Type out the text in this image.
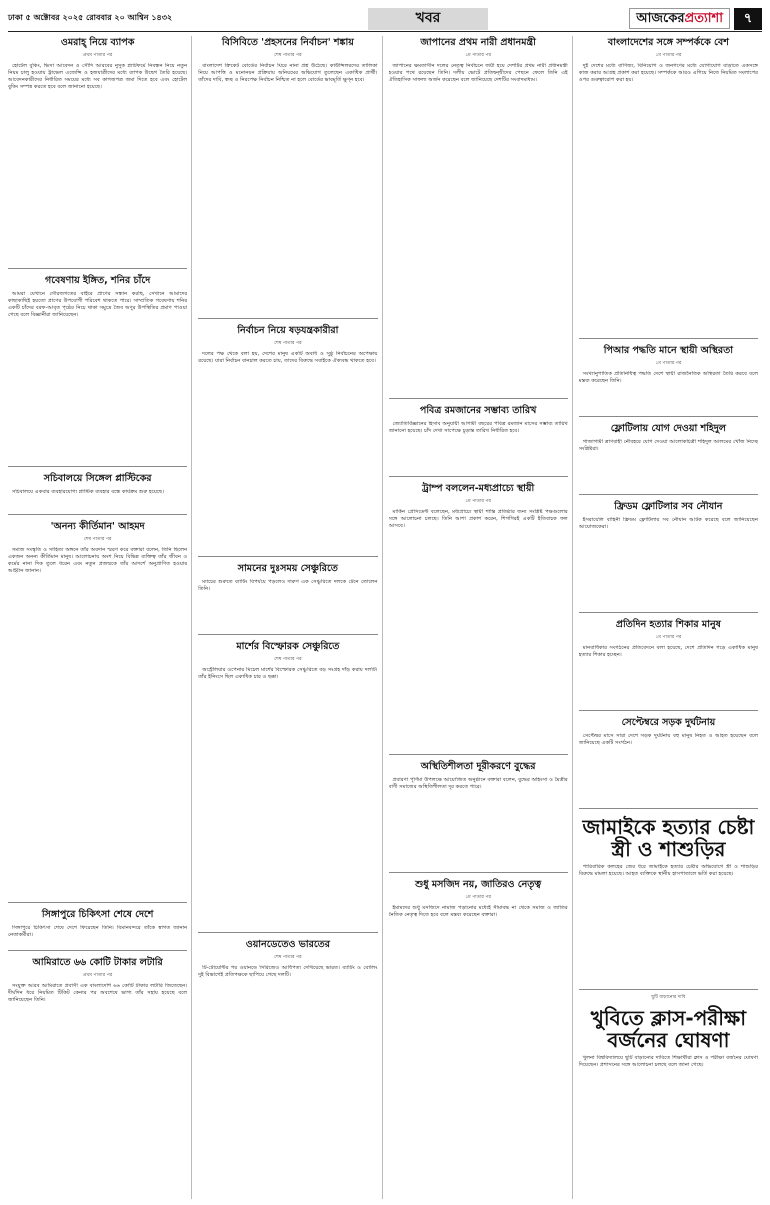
ঢাকা ৫ অক্টোবর ২০২৫ রোববার ২০ আশ্বিন ১৪৩২	খবর	আজকেরপ্রত্যাশা	৭
ওমরাহ্ নিয়ে ব্যাপক
প্রথম পাতার পর

হোটেল বুকিং, ভিসা আবেদন ও সৌদি আরবের নুসুক প্ল্যাটফর্মে নিবন্ধন নিয়ে নতুন নিয়ম চালু হওয়ায় ট্রাভেল এজেন্সি ও হজযাত্রীদের মধ্যে ব্যাপক উদ্বেগ তৈরি হয়েছে। আবেদনকারীদের নির্ধারিত সময়ের মধ্যে সব কাগজপত্র জমা দিতে হবে এবং হোটেল বুকিং সম্পন্ন করতে হবে বলে জানানো হয়েছে।

গবেষণায় ইঙ্গিত, শনির চাঁদে

আমরা যেখানে সৌরজগতের বাইরে প্রাণের সন্ধান করছি, সেখানে আমাদের কাছাকাছিই হয়তো প্রাণের উপযোগী পরিবেশ থাকতে পারে। সাম্প্রতিক গবেষণায় শনির একটি চাঁদের বরফ-আবৃত পৃষ্ঠের নিচে থাকা সমুদ্রে জৈব অণুর উপস্থিতির প্রমাণ পাওয়া গেছে বলে বিজ্ঞানীরা জানিয়েছেন।

সচিবালয়ে সিঙ্গেল প্লাস্টিকের

সচিবালয়ে একবার ব্যবহারযোগ্য প্লাস্টিক ব্যবহার বন্ধে কার্যক্রম শুরু হয়েছে।

'অনন্য কীর্তিমান' আহমদ
শেষ পাতার পর

সমাজ সংস্কৃতি ও সাহিত্য অঙ্গনে তাঁর অবদান স্মরণ করে বক্তারা বলেন, তিনি ছিলেন একজন অনন্য কীর্তিমান মানুষ। আলোচনায় অংশ নিয়ে বিভিন্ন ব্যক্তিত্ব তাঁর জীবন ও কর্মের নানা দিক তুলে ধরেন এবং নতুন প্রজন্মকে তাঁর আদর্শে অনুপ্রাণিত হওয়ার আহ্বান জানান।

সিঙ্গাপুরে চিকিৎসা শেষে দেশে

সিঙ্গাপুরে চিকিৎসা শেষে দেশে ফিরেছেন তিনি। বিমানবন্দরে তাঁকে স্বাগত জানান নেতাকর্মীরা।

আমিরাতে ৬৬ কোটি টাকার লটারি
প্রথম পাতার পর

সংযুক্ত আরব আমিরাতে প্রবাসী এক বাংলাদেশি ৬৬ কোটি টাকার লটারি জিতেছেন। দীর্ঘদিন ধরে নিয়মিত টিকিট কেনার পর অবশেষে ভাগ্য তাঁর সহায় হয়েছে বলে জানিয়েছেন তিনি।

বিসিবিতে 'প্রহসনের নির্বাচন' শঙ্কায়
শেষ পাতার পর

বাংলাদেশ ক্রিকেট বোর্ডের নির্বাচন ঘিরে নানা প্রশ্ন উঠেছে। কাউন্সিলরদের তালিকা নিয়ে আপত্তি ও মনোনয়ন প্রক্রিয়ায় অনিয়মের অভিযোগ তুলেছেন একাধিক প্রার্থী। তাঁদের দাবি, স্বচ্ছ ও নিরপেক্ষ নির্বাচন নিশ্চিত না হলে বোর্ডের ভাবমূর্তি ক্ষুণ্ন হবে।

নির্বাচন নিয়ে ষড়যন্ত্রকারীরা
শেষ পাতার পর

দলের পক্ষ থেকে বলা হয়, দেশের মানুষ একটি অবাধ ও সুষ্ঠু নির্বাচনের অপেক্ষায় রয়েছে। যারা নির্বাচন বানচাল করতে চায়, তাদের বিরুদ্ধে সবাইকে ঐক্যবদ্ধ থাকতে হবে।

সামনের দুঃসময় সেঞ্চুরিতে

ম্যাচের শুরুতে ব্যাটিং বিপর্যয়ে পড়লেও দারুণ এক সেঞ্চুরিতে দলকে টেনে তোলেন তিনি।

মার্শের বিস্ফোরক সেঞ্চুরিতে
শেষ পাতার পর

অস্ট্রেলিয়ার ওপেনার মিচেল মার্শের বিস্ফোরক সেঞ্চুরিতে বড় সংগ্রহ দাঁড় করায় দলটি। তাঁর ইনিংসে ছিল একাধিক চার ও ছক্কা।

ওয়ানডেতেও ভারতের
শেষ পাতার পর

টি-টোয়েন্টির পর ওয়ানডে সিরিজেও আধিপত্য দেখিয়েছে ভারত। ব্যাটিং ও বোলিং দুই বিভাগেই প্রতিপক্ষকে ছাপিয়ে গেছে দলটি।

জাপানের প্রথম নারী প্রধানমন্ত্রী
১ম পাতার পর

জাপানের ক্ষমতাসীন দলের নেতৃত্ব নির্বাচনে জয়ী হয়ে দেশটির প্রথম নারী প্রধানমন্ত্রী হওয়ার পথে রয়েছেন তিনি। দলীয় ভোটে প্রতিদ্বন্দ্বীদের পেছনে ফেলে তিনি এই ঐতিহাসিক সাফল্য অর্জন করেছেন বলে জানিয়েছে দেশটির সংবাদমাধ্যম।

পবিত্র রমজানের সম্ভাব্য তারিখ

জ্যোতির্বিজ্ঞানের হিসাব অনুযায়ী আগামী বছরের পবিত্র রমজান মাসের সম্ভাব্য তারিখ জানানো হয়েছে। চাঁদ দেখা সাপেক্ষে চূড়ান্ত তারিখ নির্ধারিত হবে।

ট্রাম্প বললেন-মধ্যপ্রাচ্যে স্থায়ী
১ম পাতার পর

মার্কিন প্রেসিডেন্ট বলেছেন, মধ্যপ্রাচ্যে স্থায়ী শান্তি প্রতিষ্ঠার জন্য সংশ্লিষ্ট পক্ষগুলোর সঙ্গে আলোচনা চলছে। তিনি আশা প্রকাশ করেন, শিগগিরই একটি ইতিবাচক ফল আসবে।

অস্থিতিশীলতা দূরীকরণে বুদ্ধের

প্রবারণা পূর্ণিমা উপলক্ষে আয়োজিত অনুষ্ঠানে বক্তারা বলেন, বুদ্ধের অহিংসা ও মৈত্রীর বাণী সমাজের অস্থিতিশীলতা দূর করতে পারে।

শুধু মসজিদ নয়, জাতিরও নেতৃত্ব
১ম পাতার পর

ইমামদের শুধু মসজিদে নামাজ পড়ানোর মধ্যেই সীমাবদ্ধ না থেকে সমাজ ও জাতির নৈতিক নেতৃত্ব দিতে হবে বলে মন্তব্য করেছেন বক্তারা।

বাংলাদেশের সঙ্গে সম্পর্ককে বেশ
১ম পাতার পর

দুই দেশের মধ্যে বাণিজ্য, বিনিয়োগ ও জনগণের মধ্যে যোগাযোগ বাড়াতে একসঙ্গে কাজ করার আগ্রহ প্রকাশ করা হয়েছে। সম্পর্ককে আরও এগিয়ে নিতে নিয়মিত সংলাপের ওপর গুরুত্বারোপ করা হয়।

পিআর পদ্ধতি মানে স্থায়ী অস্থিরতা
১ম পাতার পর

সংখ্যানুপাতিক প্রতিনিধিত্ব পদ্ধতি দেশে স্থায়ী রাজনৈতিক অস্থিরতা তৈরি করবে বলে মন্তব্য করেছেন তিনি।

ফ্লোটিলায় যোগ দেওয়া শহিদুল

গাজাগামী ত্রাণবাহী নৌবহরে যোগ দেওয়া আলোকচিত্রী শহিদুল আলমের খোঁজ নিচ্ছে সংশ্লিষ্টরা।

ফ্রিডম ফ্লোটিলার সব নৌযান

ইসরায়েলি বাহিনী ফ্রিডম ফ্লোটিলার সব নৌযান আটক করেছে বলে জানিয়েছেন আয়োজকেরা।

প্রতিদিন হত্যার শিকার মানুষ
১ম পাতার পর

মানবাধিকার সংগঠনের প্রতিবেদনে বলা হয়েছে, দেশে প্রতিদিন গড়ে একাধিক মানুষ হত্যার শিকার হচ্ছেন।

সেপ্টেম্বরে সড়ক দুর্ঘটনায়

সেপ্টেম্বর মাসে সারা দেশে সড়ক দুর্ঘটনায় বহু মানুষ নিহত ও আহত হয়েছেন বলে জানিয়েছে একটি সংগঠন।

জামাইকে হত্যার চেষ্টা স্ত্রী ও শাশুড়ির

পারিবারিক কলহের জের ধরে জামাইকে হত্যার চেষ্টার অভিযোগে স্ত্রী ও শাশুড়ির বিরুদ্ধে মামলা হয়েছে। আহত ব্যক্তিকে স্থানীয় হাসপাতালে ভর্তি করা হয়েছে।

ছুটি বাড়ানোর দাবি
খুবিতে ক্লাস-পরীক্ষা বর্জনের ঘোষণা

খুলনা বিশ্ববিদ্যালয়ে ছুটি বাড়ানোর দাবিতে শিক্ষার্থীরা ক্লাস ও পরীক্ষা বর্জনের ঘোষণা দিয়েছেন। প্রশাসনের সঙ্গে আলোচনা চলছে বলে জানা গেছে।
